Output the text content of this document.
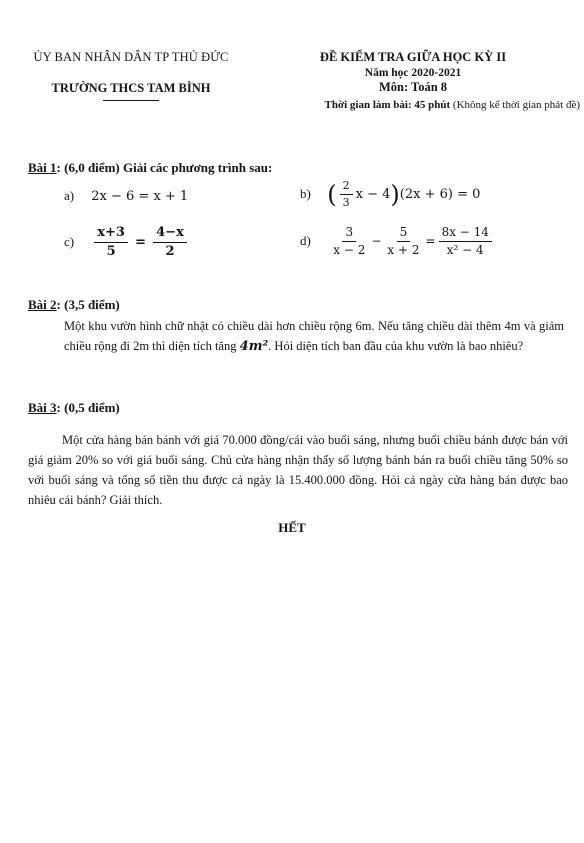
ỦY BAN NHÂN DÂN TP THỦ ĐỨC
TRƯỜNG THCS TAM BÌNH
ĐỀ KIỂM TRA GIỮA HỌC KỲ II
Năm học 2020-2021
Môn: Toán 8
Thời gian làm bài: 45 phút (Không kể thời gian phát đề)
Bài 1: (6,0 điểm) Giải các phương trình sau:
a) 2x − 6 = x + 1	b) ( $\frac{2}{3}$ x − 4)(2x + 6) = 0
$c) \frac{x+3}{5} = \frac{4-x}{2}$	$d) \frac{3}{x - 2} - \frac{5}{x + 2} = \frac{8x - 14}{\text{x² − 4}}$
Bài 2: (3,5 điểm)
Một khu vườn hình chữ nhật có chiều dài hơn chiều rộng 6m. Nếu tăng chiều dài thêm 4m và giảm chiều rộng đi 2m thì diện tích tăng 4m². Hỏi diện tích ban đầu của khu vườn là bao nhiêu?
Bài 3: (0,5 điểm)
Một cửa hàng bán bánh với giá 70.000 đồng/cái vào buổi sáng, nhưng buổi chiều bánh được bán với giá giảm 20% so với giá buổi sáng. Chủ cửa hàng nhận thấy số lượng bánh bán ra buổi chiều tăng 50% so với buổi sáng và tổng số tiền thu được cả ngày là 15.400.000 đồng. Hỏi cả ngày cửa hàng bán được bao nhiêu cái bánh? Giải thích.
HẾT
